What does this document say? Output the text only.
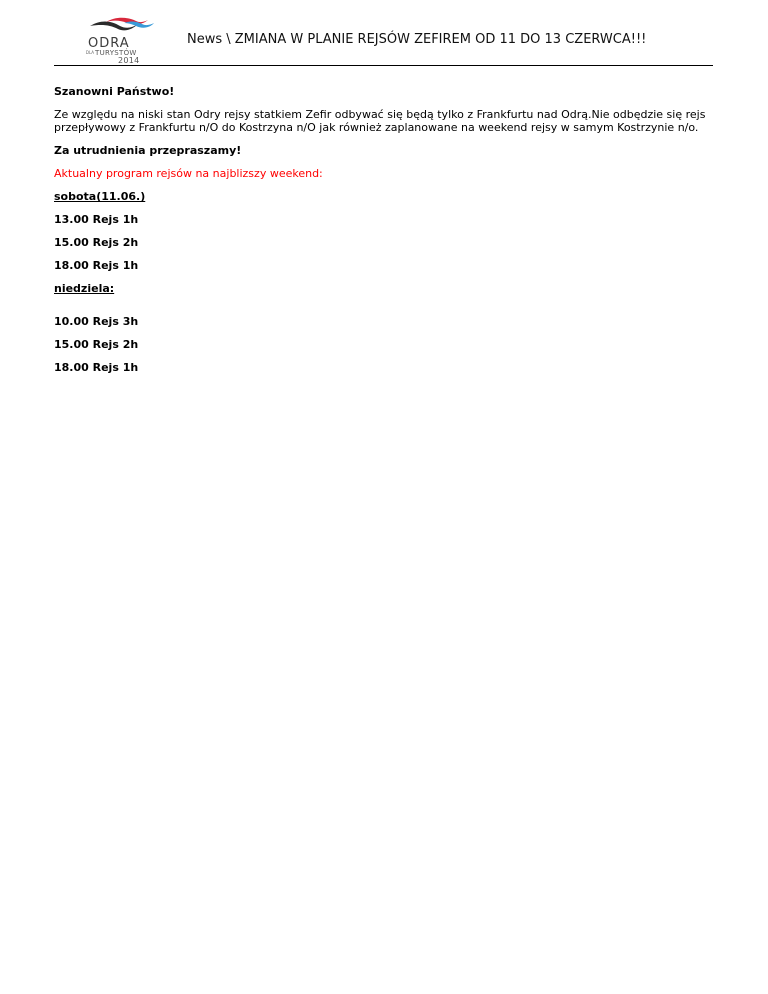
ODRA
DLA TURYSTÓW
2014
News \ ZMIANA W PLANIE REJSÓW ZEFIREM OD 11 DO 13 CZERWCA!!!

Szanowni Państwo!

Ze względu na niski stan Odry rejsy statkiem Zefir odbywać się będą tylko z Frankfurtu nad Odrą.Nie odbędzie się rejs przepływowy z Frankfurtu n/O do Kostrzyna n/O jak również zaplanowane na weekend rejsy w samym Kostrzynie n/o.

Za utrudnienia przepraszamy!

Aktualny program rejsów na najblizszy weekend:

sobota(11.06.)

13.00 Rejs 1h

15.00 Rejs 2h

18.00 Rejs 1h

niedziela:

10.00 Rejs 3h

15.00 Rejs 2h

18.00 Rejs 1h
